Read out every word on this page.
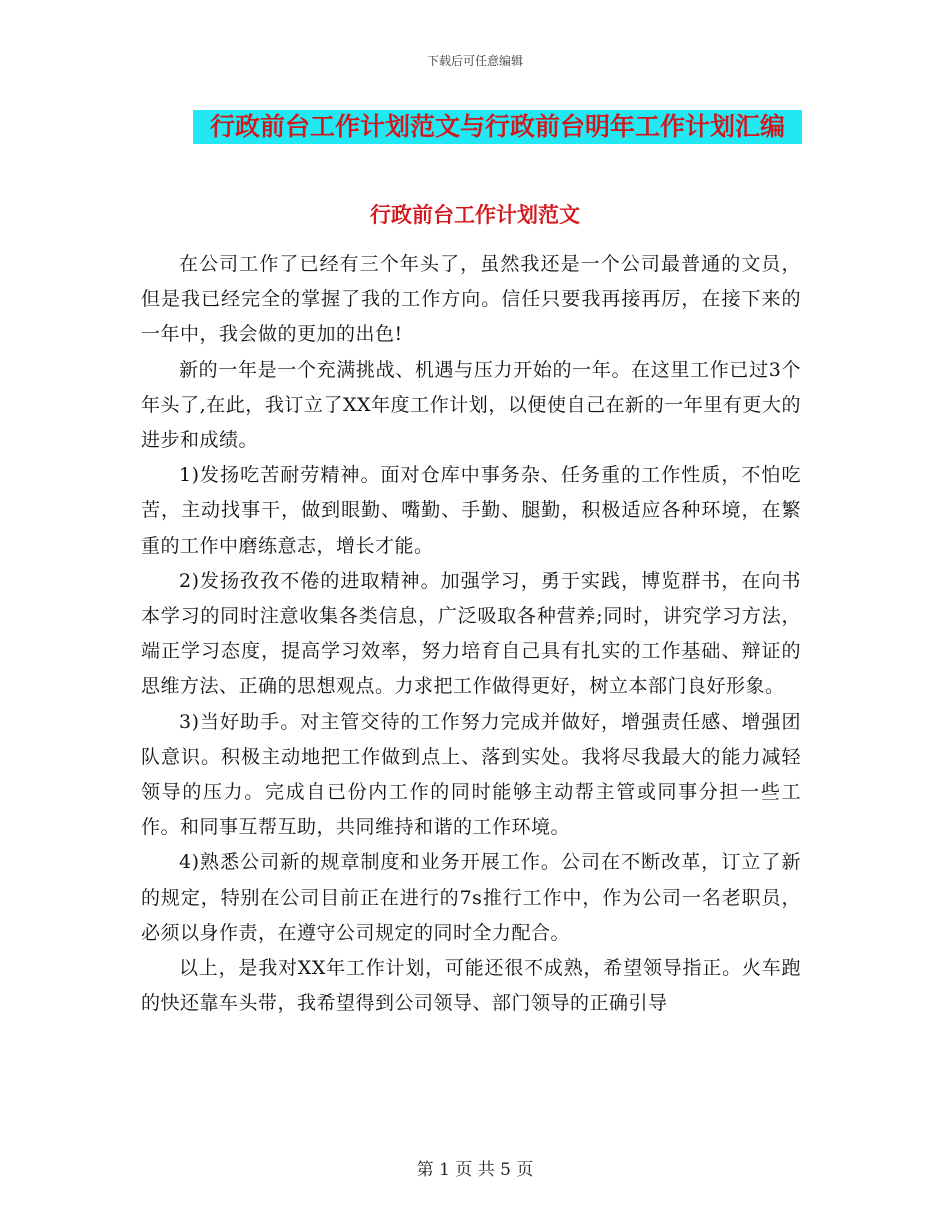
下载后可任意编辑
行政前台工作计划范文与行政前台明年工作计划汇编
行政前台工作计划范文

在公司工作了已经有三个年头了，虽然我还是一个公司最普通的文员，但是我已经完全的掌握了我的工作方向。信任只要我再接再厉，在接下来的一年中，我会做的更加的出色!

新的一年是一个充满挑战、机遇与压力开始的一年。在这里工作已过3个年头了,在此，我订立了XX年度工作计划，以便使自己在新的一年里有更大的进步和成绩。

1)发扬吃苦耐劳精神。面对仓库中事务杂、任务重的工作性质，不怕吃苦，主动找事干，做到眼勤、嘴勤、手勤、腿勤，积极适应各种环境，在繁重的工作中磨练意志，增长才能。

2)发扬孜孜不倦的进取精神。加强学习，勇于实践，博览群书，在向书本学习的同时注意收集各类信息，广泛吸取各种营养;同时，讲究学习方法，端正学习态度，提高学习效率，努力培育自己具有扎实的工作基础、辩证的思维方法、正确的思想观点。力求把工作做得更好，树立本部门良好形象。

3)当好助手。对主管交待的工作努力完成并做好，增强责任感、增强团队意识。积极主动地把工作做到点上、落到实处。我将尽我最大的能力减轻领导的压力。完成自已份内工作的同时能够主动帮主管或同事分担一些工作。和同事互帮互助，共同维持和谐的工作环境。

4)熟悉公司新的规章制度和业务开展工作。公司在不断改革，订立了新的规定，特别在公司目前正在进行的7s推行工作中，作为公司一名老职员，必须以身作责，在遵守公司规定的同时全力配合。

以上，是我对XX年工作计划，可能还很不成熟，希望领导指正。火车跑的快还靠车头带，我希望得到公司领导、部门领导的正确引导

第 1 页 共 5 页
